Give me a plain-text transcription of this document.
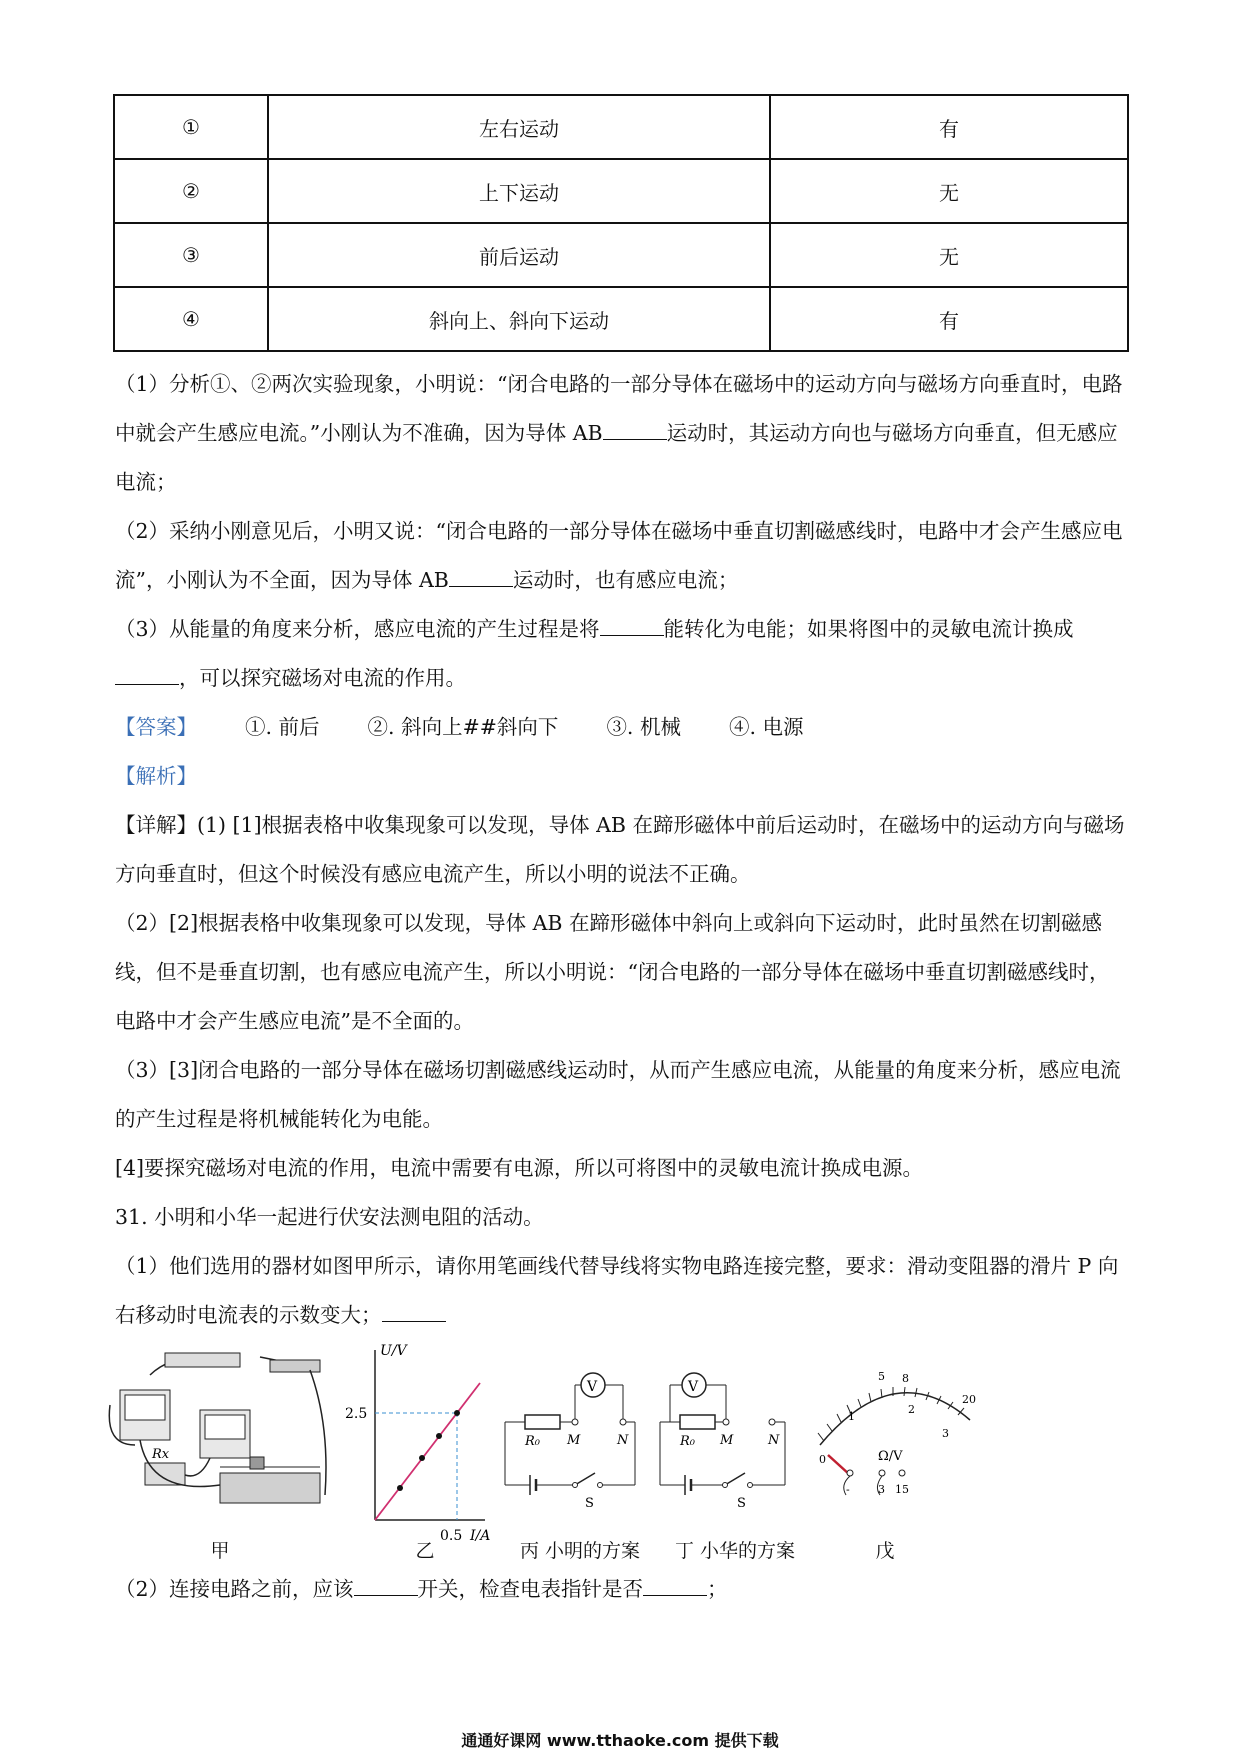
①	左右运动	有
②	上下运动	无
③	前后运动	无
④	斜向上、斜向下运动	有
（1）分析①、②两次实验现象，小明说：“闭合电路的一部分导体在磁场中的运动方向与磁场方向垂直时，电路中就会产生感应电流。”小刚认为不准确，因为导体 AB	运动时，其运动方向也与磁场方向垂直，但无感应电流；
（2）采纳小刚意见后，小明又说：“闭合电路的一部分导体在磁场中垂直切割磁感线时，电路中才会产生感应电流”，小刚认为不全面，因为导体 AB	运动时，也有感应电流；
（3）从能量的角度来分析，感应电流的产生过程是将	能转化为电能；如果将图中的灵敏电流计换成，可以探究磁场对电流的作用。
【答案】 ①. 前后 ②. 斜向上##斜向下 ③. 机械 ④. 电源
【解析】
【详解】(1) [1]根据表格中收集现象可以发现，导体 AB 在蹄形磁体中前后运动时，在磁场中的运动方向与磁场方向垂直时，但这个时候没有感应电流产生，所以小明的说法不正确。
（2）[2]根据表格中收集现象可以发现，导体 AB 在蹄形磁体中斜向上或斜向下运动时，此时虽然在切割磁感线，但不是垂直切割，也有感应电流产生，所以小明说：“闭合电路的一部分导体在磁场中垂直切割磁感线时，电路中才会产生感应电流”是不全面的。
（3）[3]闭合电路的一部分导体在磁场切割磁感线运动时，从而产生感应电流，从能量的角度来分析，感应电流的产生过程是将机械能转化为电能。
[4]要探究磁场对电流的作用，电流中需要有电源，所以可将图中的灵敏电流计换成电源。
31. 小明和小华一起进行伏安法测电阻的活动。
（1）他们选用的器材如图甲所示，请你用笔画线代替导线将实物电路连接完整，要求：滑动变阻器的滑片 P 向右移动时电流表的示数变大；
Rx
U/V
I/A
2.5
0.5
V
R₀ M	N
S
V
R₀ M	N
S
5 8
1
2
20
0
3
Ω/V
-	3 15
甲	乙	丙 小明的方案	丁 小华的方案	戊
（2）连接电路之前，应该	开关，检查电表指针是否	；
通通好课网 www.tthaoke.com 提供下载
